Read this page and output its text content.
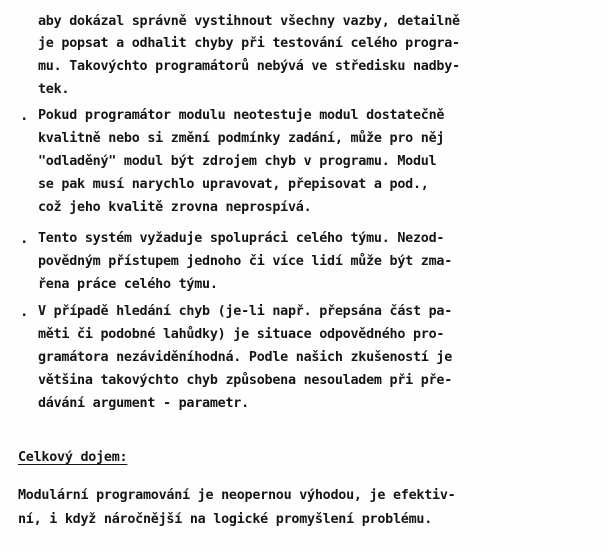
aby dokázal správně vystihnout všechny vazby, detailně
je popsat a odhalit chyby při testování celého progra-
mu. Takovýchto programátorů nebývá ve středisku nadby-
tek.
. Pokud programátor modulu neotestuje modul dostatečně
kvalitně nebo si změní podmínky zadání, může pro něj
"odladěný" modul být zdrojem chyb v programu. Modul
se pak musí narychlo upravovat, přepisovat a pod.,
což jeho kvalitě zrovna neprospívá.
. Tento systém vyžaduje spolupráci celého týmu. Nezod-
povědným přístupem jednoho či více lidí může být zma-
řena práce celého týmu.
. V případě hledání chyb (je-li např. přepsána část pa-
měti či podobné lahůdky) je situace odpovědného pro-
gramátora nezáviděníhodná. Podle našich zkušeností je
většina takovýchto chyb způsobena nesouladem při pře-
dávání argument - parametr.
Celkový dojem:
Modulární programování je neopernou výhodou, je efektiv-
ní, i když náročnější na logické promyšlení problému.
